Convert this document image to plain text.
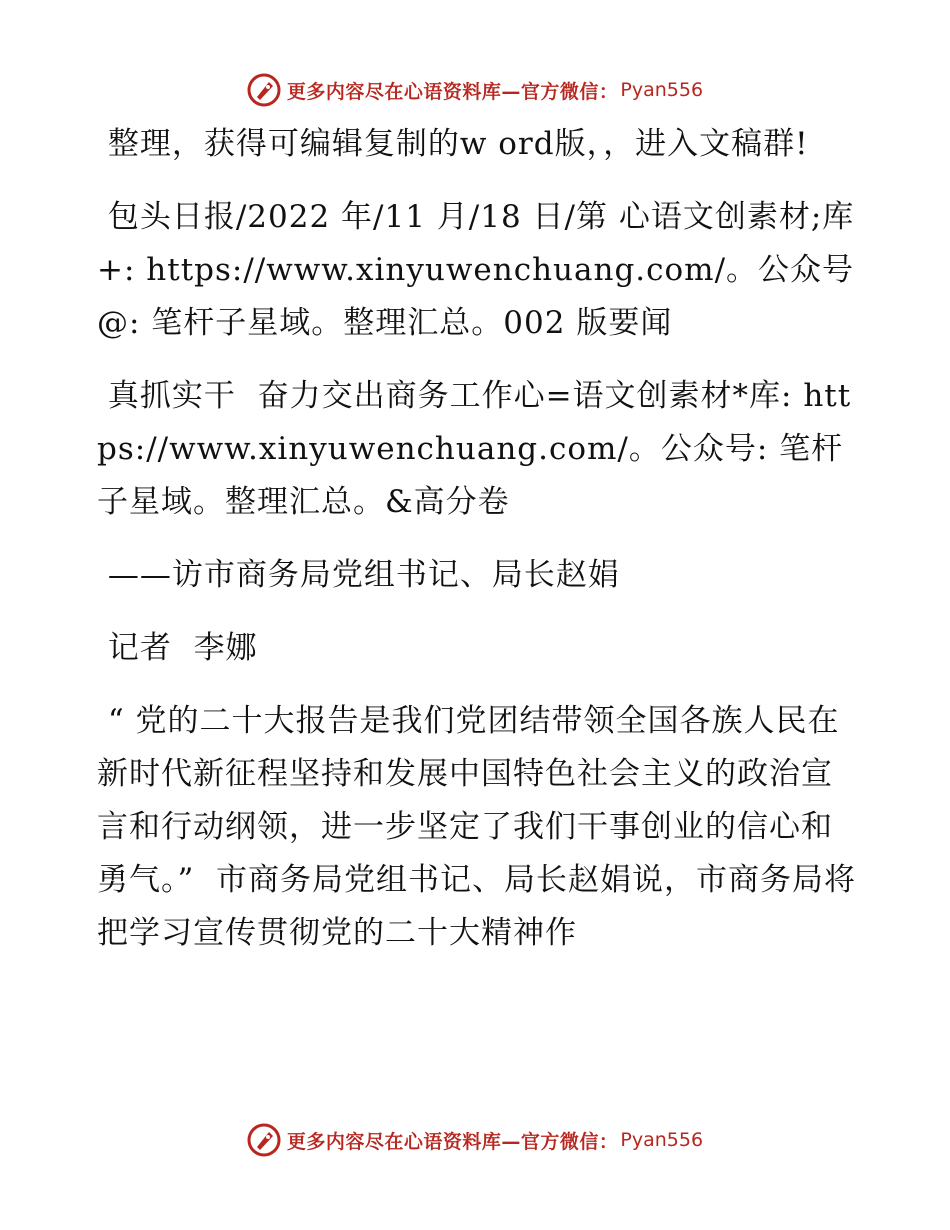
更多内容尽在心语资料库—官方微信： Pyan556

整理，获得可编辑复制的w ord版，，进入文稿群!

包头日报/2022 年/11 月/18 日/第 心语文创素材;库+: https://www.xinyuwenchuang.com/。公众号@: 笔杆子星域。整理汇总。002 版要闻

真抓实干  奋力交出商务工作心=语文创素材*库: https://www.xinyuwenchuang.com/。公众号: 笔杆子星域。整理汇总。&高分卷

——访市商务局党组书记、局长赵娟

记者  李娜

“ 党的二十大报告是我们党团结带领全国各族人民在新时代新征程坚持和发展中国特色社会主义的政治宣言和行动纲领，进一步坚定了我们干事创业的信心和勇气。”  市商务局党组书记、局长赵娟说，市商务局将把学习宣传贯彻党的二十大精神作

更多内容尽在心语资料库—官方微信： Pyan556
